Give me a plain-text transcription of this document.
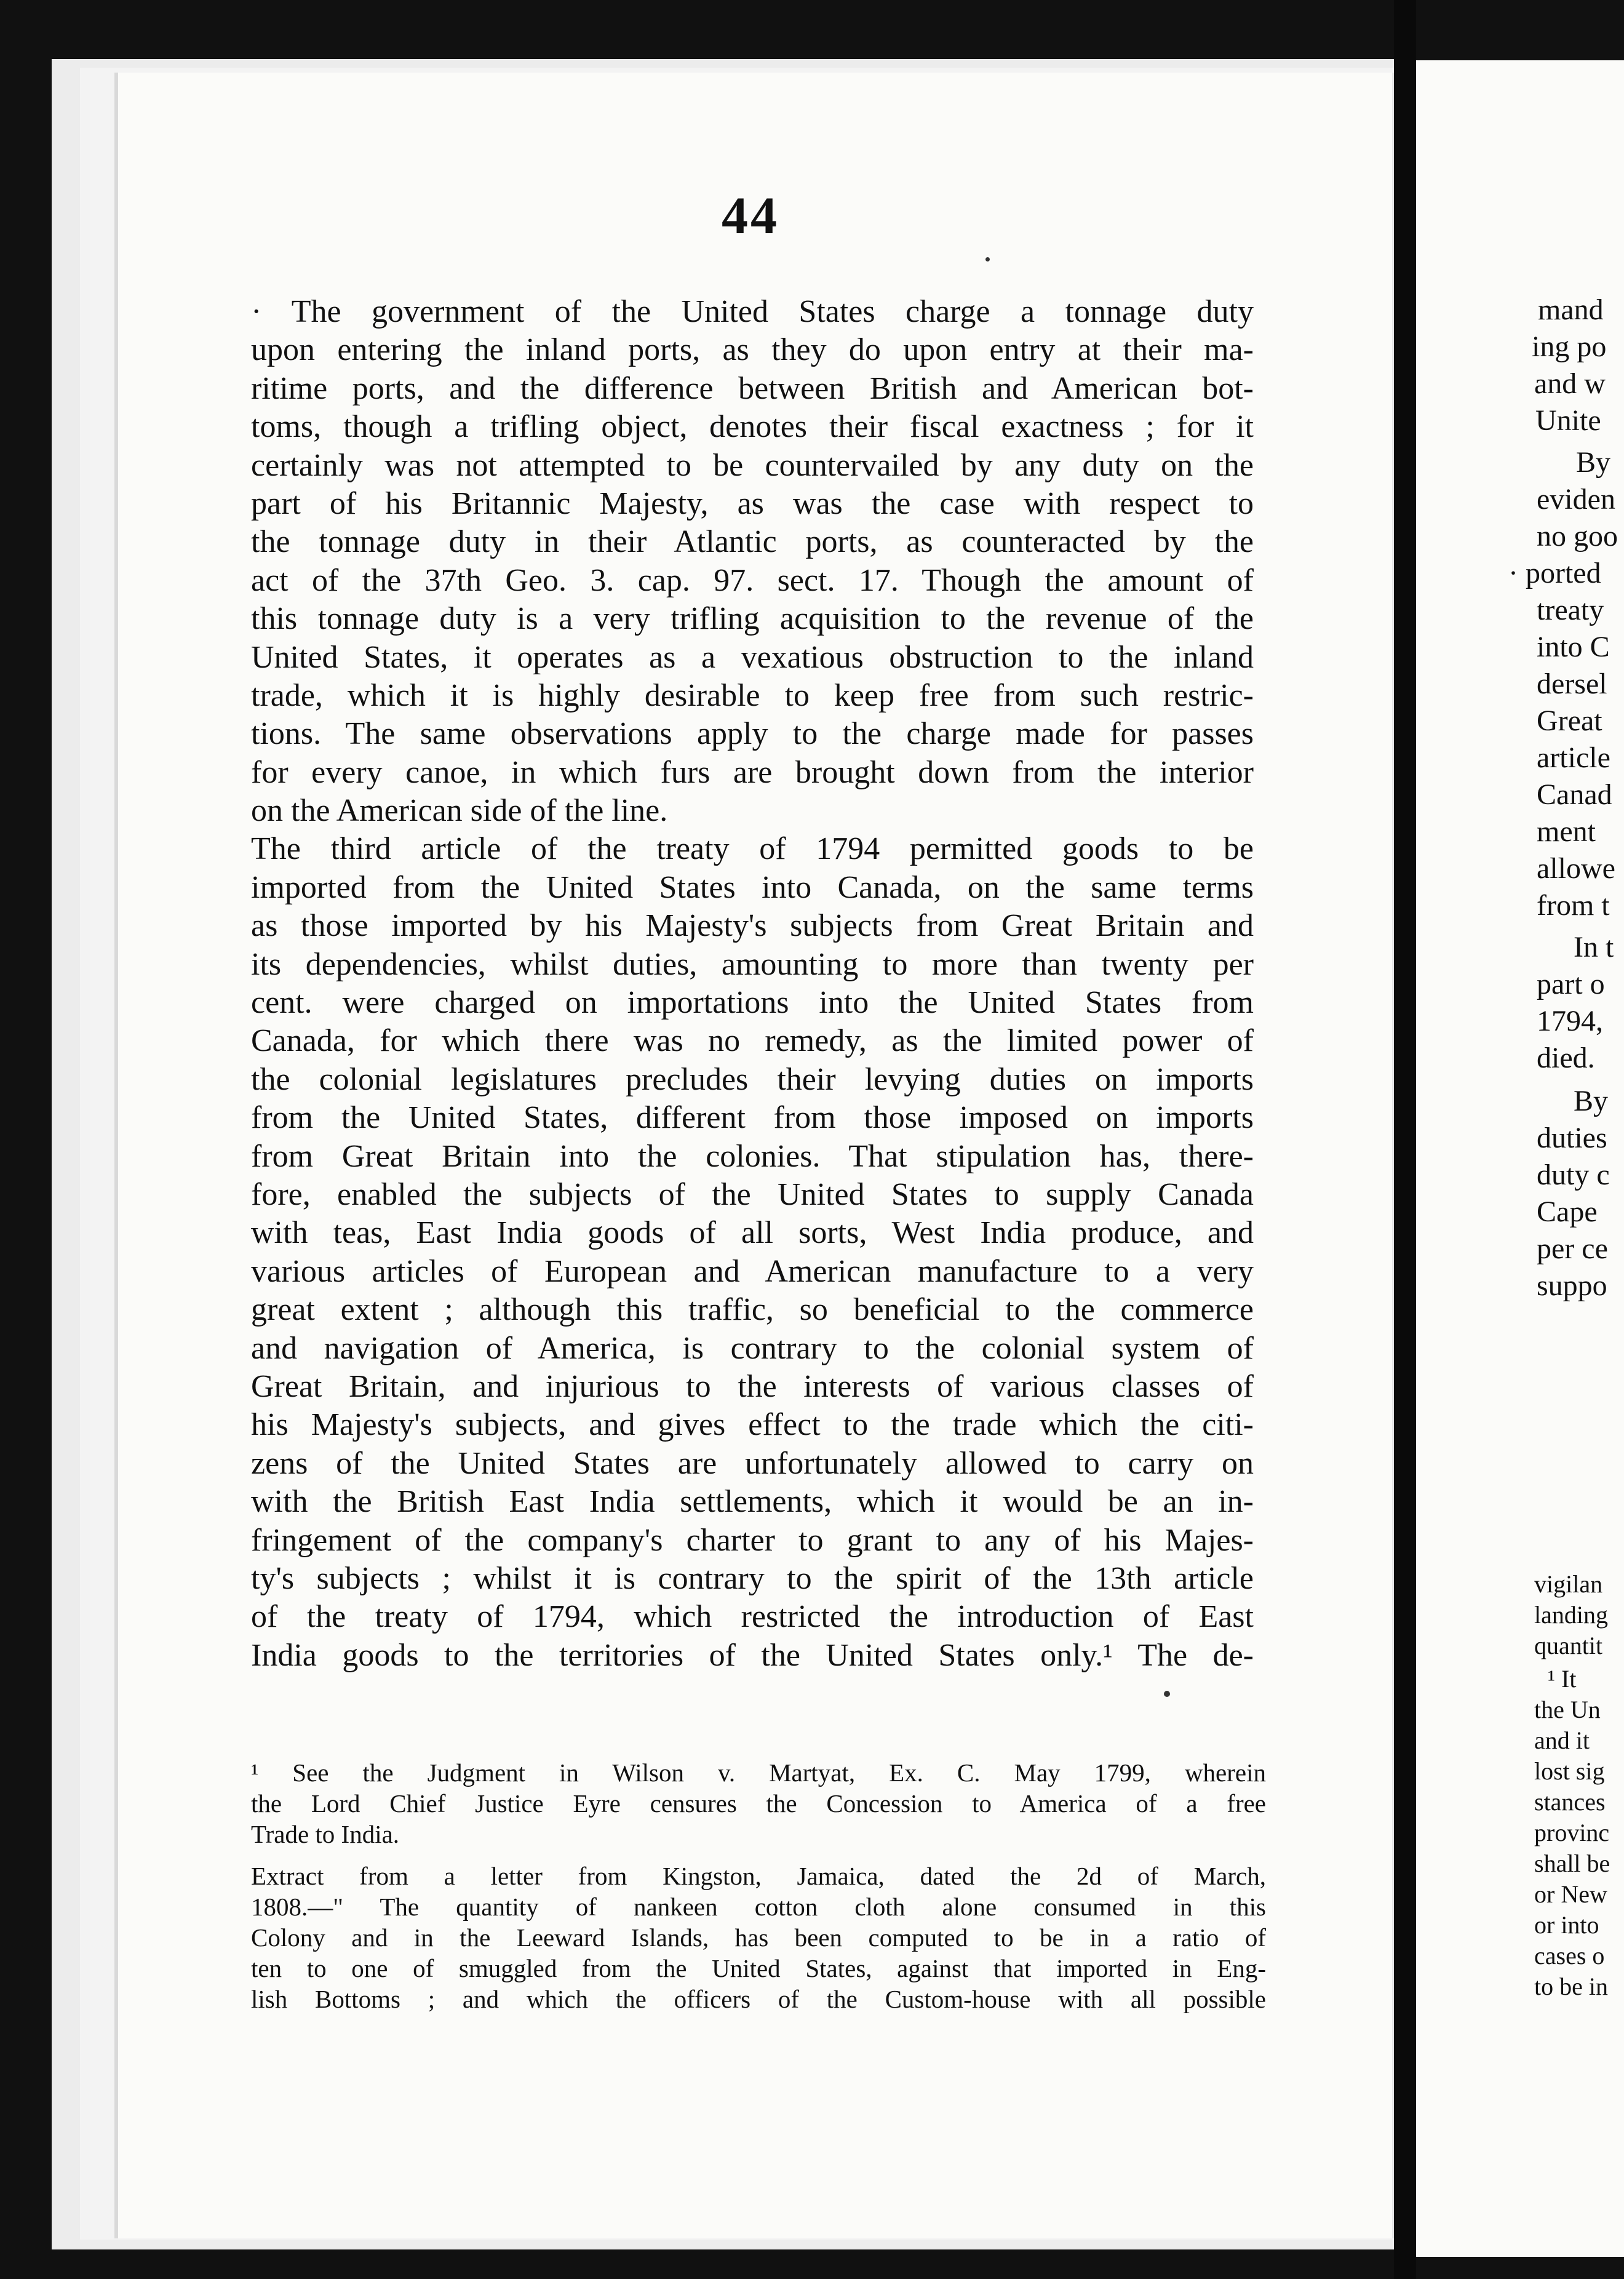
44
· The government of the United States charge a tonnage duty
upon entering the inland ports, as they do upon entry at their ma-
ritime ports, and the difference between British and American bot-
toms, though a trifling object, denotes their fiscal exactness ; for it
certainly was not attempted to be countervailed by any duty on the
part of his Britannic Majesty, as was the case with respect to
the tonnage duty in their Atlantic ports, as counteracted by the
act of the 37th Geo. 3. cap. 97. sect. 17. Though the amount of
this tonnage duty is a very trifling acquisition to the revenue of the
United States, it operates as a vexatious obstruction to the inland
trade, which it is highly desirable to keep free from such restric-
tions. The same observations apply to the charge made for passes
for every canoe, in which furs are brought down from the interior
on the American side of the line.
The third article of the treaty of 1794 permitted goods to be
imported from the United States into Canada, on the same terms
as those imported by his Majesty's subjects from Great Britain and
its dependencies, whilst duties, amounting to more than twenty per
cent. were charged on importations into the United States from
Canada, for which there was no remedy, as the limited power of
the colonial legislatures precludes their levying duties on imports
from the United States, different from those imposed on imports
from Great Britain into the colonies. That stipulation has, there-
fore, enabled the subjects of the United States to supply Canada
with teas, East India goods of all sorts, West India produce, and
various articles of European and American manufacture to a very
great extent ; although this traffic, so beneficial to the commerce
and navigation of America, is contrary to the colonial system of
Great Britain, and injurious to the interests of various classes of
his Majesty's subjects, and gives effect to the trade which the citi-
zens of the United States are unfortunately allowed to carry on
with the British East India settlements, which it would be an in-
fringement of the company's charter to grant to any of his Majes-
ty's subjects ; whilst it is contrary to the spirit of the 13th article
of the treaty of 1794, which restricted the introduction of East
India goods to the territories of the United States only.¹ The de-
¹ See the Judgment in Wilson v. Martyat, Ex. C. May 1799, wherein
the Lord Chief Justice Eyre censures the Concession to America of a free
Trade to India.
Extract from a letter from Kingston, Jamaica, dated the 2d of March,
1808.—" The quantity of nankeen cotton cloth alone consumed in this
Colony and in the Leeward Islands, has been computed to be in a ratio of
ten to one of smuggled from the United States, against that imported in Eng-
lish Bottoms ; and which the officers of the Custom-house with all possible
mand
ing po
and w
Unite
By
eviden
no goo
· ported
treaty
into C
dersel
Great
article
Canad
ment
allowe
from t
In t
part o
1794,
died.
By
duties
duty c
Cape
per ce
suppo
vigilan
landing
quantit
¹ It
the Un
and it
lost sig
stances
provinc
shall be
or New
or into
cases o
to be in
